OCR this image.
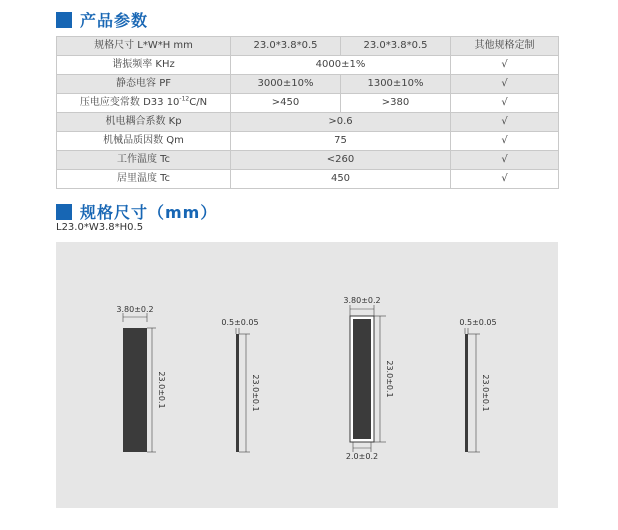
产品参数
规格尺寸 L*W*H mm	23.0*3.8*0.5	23.0*3.8*0.5	其他规格定制
谐振频率 KHz	4000±1%		√
静态电容 PF	3000±10%	1300±10%	√
压电应变常数 D33 $10^{-12}C/N$	>450	>380	√
机电耦合系数 Kp	>0.6		√
机械品质因数 Qm	75		√
工作温度 Tc	<260		√
居里温度 Tc	450		√
规格尺寸（mm）
L23.0*W3.8*H0.5
3.80±0.2
23.0±0.1
0.5±0.05
23.0±0.1
3.80±0.2
23.0±0.1
2.0±0.2
0.5±0.05
23.0±0.1
